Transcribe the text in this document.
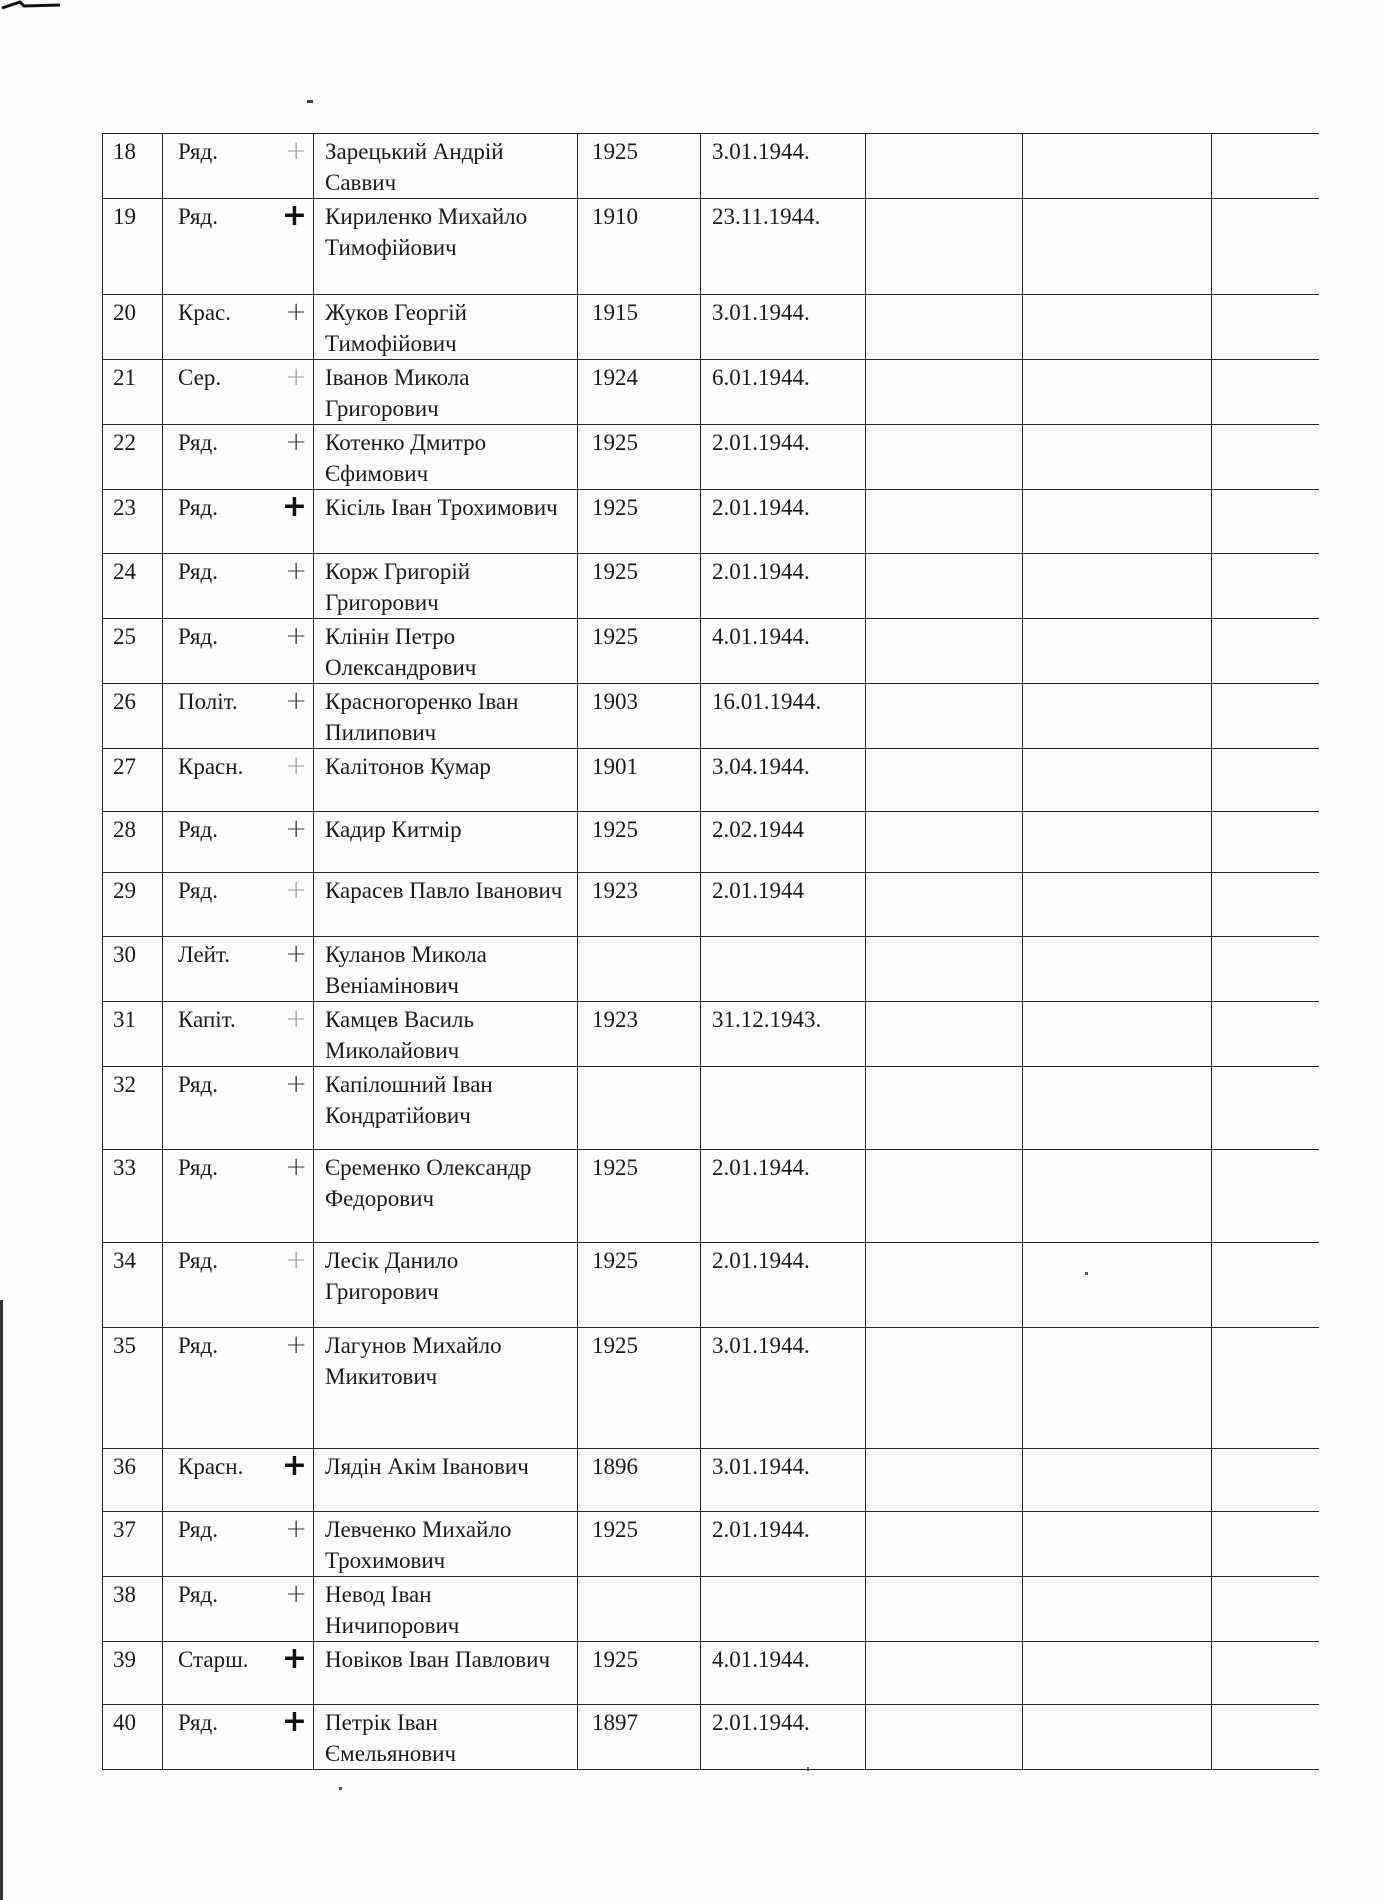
18	Ряд. +	Зарецький Андрій Саввич	1925	3.01.1944.			
19	Ряд. +	Кириленко Михайло Тимофійович	1910	23.11.1944.			
20	Крас. +	Жуков Георгій Тимофійович	1915	3.01.1944.			
21	Сер. +	Іванов Микола Григорович	1924	6.01.1944.			
22	Ряд. +	Котенко Дмитро Єфимович	1925	2.01.1944.			
23	Ряд. +	Кісіль Іван Трохимович	1925	2.01.1944.			
24	Ряд. +	Корж Григорій Григорович	1925	2.01.1944.			
25	Ряд. +	Клінін Петро Олександрович	1925	4.01.1944.			
26	Політ. +	Красногоренко Іван Пилипович	1903	16.01.1944.			
27	Красн. +	Калітонов Кумар	1901	3.04.1944.			
28	Ряд. +	Кадир Китмір	1925	2.02.1944			
29	Ряд. +	Карасев Павло Іванович	1923	2.01.1944			
30	Лейт. +	Куланов Микола Веніамінович					
31	Капіт. +	Камцев Василь Миколайович	1923	31.12.1943.			
32	Ряд. +	Капілошний Іван Кондратійович					
33	Ряд. +	Єременко Олександр Федорович	1925	2.01.1944.			
34	Ряд. +	Лесік Данило Григорович	1925	2.01.1944.			
35	Ряд. +	Лагунов Михайло Микитович	1925	3.01.1944.			
36	Красн. +	Лядін Акім Іванович	1896	3.01.1944.			
37	Ряд. +	Левченко Михайло Трохимович	1925	2.01.1944.			
38	Ряд. +	Невод Іван Ничипорович					
39	Старш. +	Новіков Іван Павлович	1925	4.01.1944.			
40	Ряд. +	Петрік Іван Ємельянович	1897	2.01.1944.			
